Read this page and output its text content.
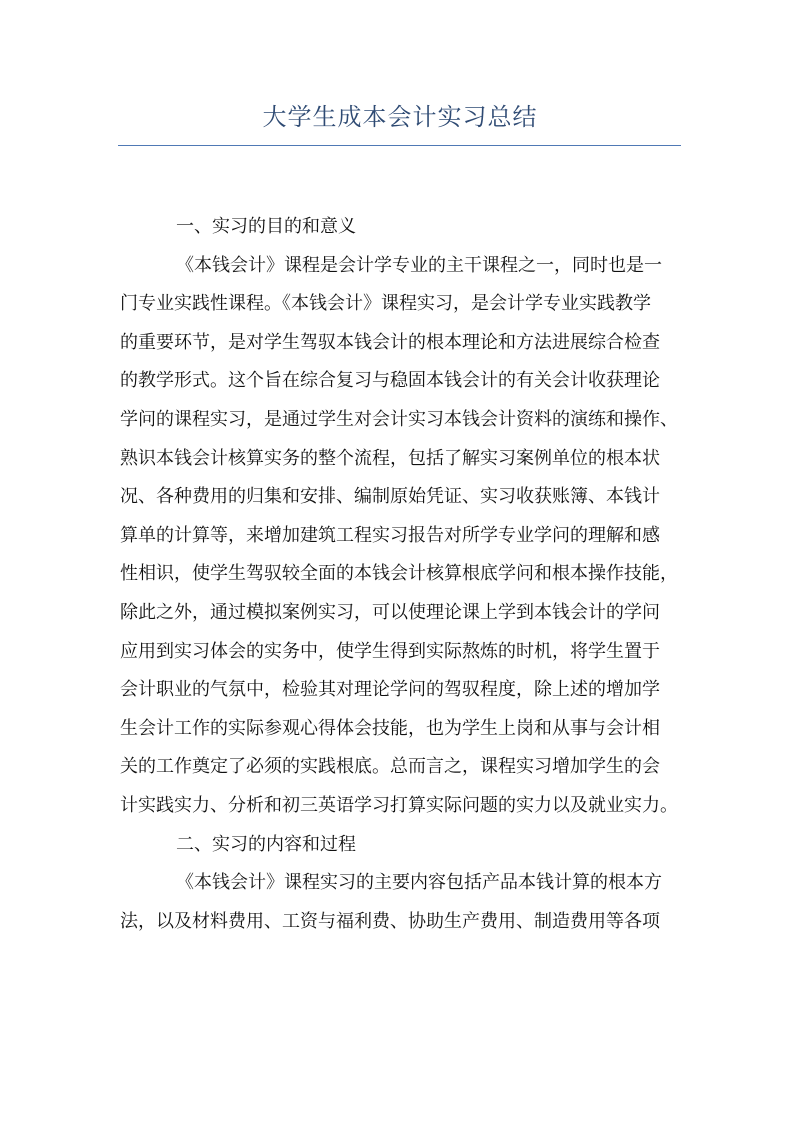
大学生成本会计实习总结
一、实习的目的和意义
《本钱会计》课程是会计学专业的主干课程之一，同时也是一
门专业实践性课程。《本钱会计》课程实习，是会计学专业实践教学
的重要环节，是对学生驾驭本钱会计的根本理论和方法进展综合检查
的教学形式。这个旨在综合复习与稳固本钱会计的有关会计收获理论
学问的课程实习，是通过学生对会计实习本钱会计资料的演练和操作、
熟识本钱会计核算实务的整个流程，包括了解实习案例单位的根本状
况、各种费用的归集和安排、编制原始凭证、实习收获账簿、本钱计
算单的计算等，来增加建筑工程实习报告对所学专业学问的理解和感
性相识，使学生驾驭较全面的本钱会计核算根底学问和根本操作技能，
除此之外，通过模拟案例实习，可以使理论课上学到本钱会计的学问
应用到实习体会的实务中，使学生得到实际熬炼的时机，将学生置于
会计职业的气氛中，检验其对理论学问的驾驭程度，除上述的增加学
生会计工作的实际参观心得体会技能，也为学生上岗和从事与会计相
关的工作奠定了必须的实践根底。总而言之，课程实习增加学生的会
计实践实力、分析和初三英语学习打算实际问题的实力以及就业实力。
二、实习的内容和过程
《本钱会计》课程实习的主要内容包括产品本钱计算的根本方
法，以及材料费用、工资与福利费、协助生产费用、制造费用等各项
